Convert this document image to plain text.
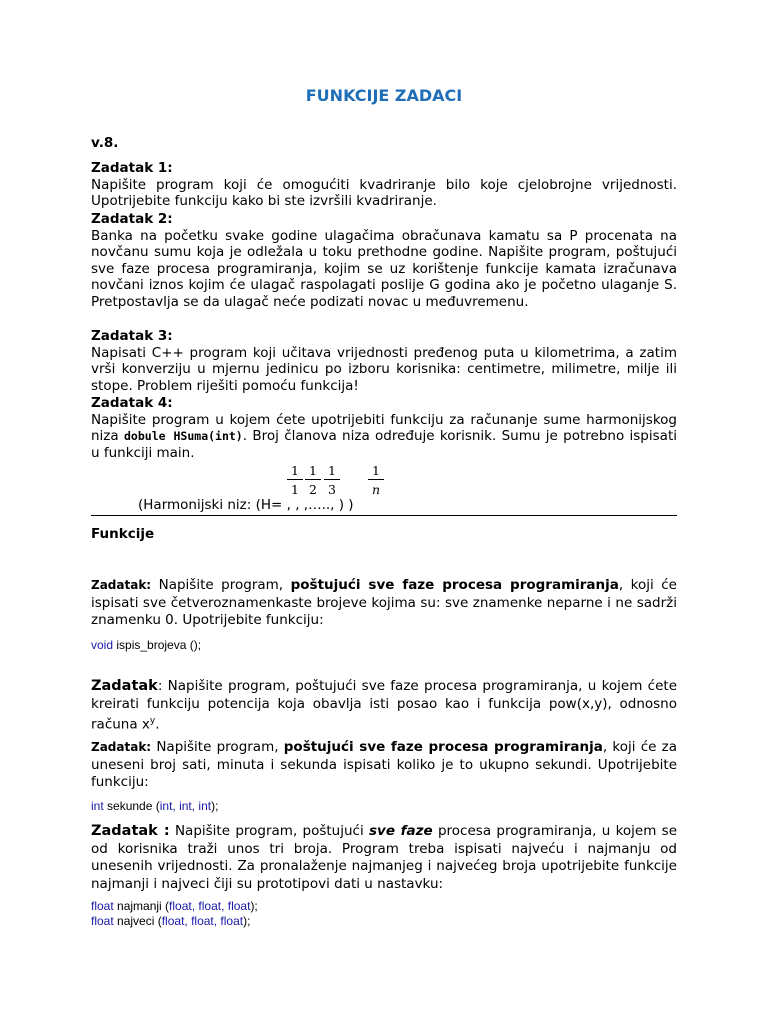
FUNKCIJE ZADACI
v.8.
Zadatak 1:

Napišite program koji će omogućiti kvadriranje bilo koje cjelobrojne vrijednosti. Upotrijebite funkciju kako bi ste izvršili kvadriranje.

Zadatak 2:

Banka na početku svake godine ulagačima obračunava kamatu sa P procenata na novčanu sumu koja je odležala u toku prethodne godine. Napišite program, poštujući sve faze procesa programiranja, kojim se uz korištenje funkcije kamata izračunava novčani iznos kojim će ulagač raspolagati poslije G godina ako je početno ulaganje S. Pretpostavlja se da ulagač neće podizati novac u međuvremenu.

Zadatak 3:

Napisati C++ program koji učitava vrijednosti pređenog puta u kilometrima, a zatim vrši konverziju u mjernu jedinicu po izboru korisnika: centimetre, milimetre, milje ili stope. Problem riješiti pomoću funkcija!

Zadatak 4:

Napišite program u kojem ćete upotrijebiti funkciju za računanje sume harmonijskog niza dobule HSuma(int). Broj članova niza određuje korisnik. Sumu je potrebno ispisati u funkciji main.

$\frac{1}{1} \frac{1}{2} \frac{1}{3} \frac{1}{n}$
(Harmonijski niz: (H= , , ,….., ) )
Funkcije

Zadatak: Napišite program, poštujući sve faze procesa programiranja, koji će ispisati sve četveroznamenkaste brojeve kojima su: sve znamenke neparne i ne sadrži znamenku 0. Upotrijebite funkciju:

void ispis_brojeva ();

Zadatak: Napišite program, poštujući sve faze procesa programiranja, u kojem ćete kreirati funkciju potencija koja obavlja isti posao kao i funkcija pow(x,y), odnosno računa $x^y$.

Zadatak: Napišite program, poštujući sve faze procesa programiranja, koji će za uneseni broj sati, minuta i sekunda ispisati koliko je to ukupno sekundi. Upotrijebite funkciju:

int sekunde (int, int, int);

Zadatak : Napišite program, poštujući sve faze procesa programiranja, u kojem se od korisnika traži unos tri broja. Program treba ispisati najveću i najmanju od unesenih vrijednosti. Za pronalaženje najmanjeg i najvećeg broja upotrijebite funkcije najmanji i najveci čiji su prototipovi dati u nastavku:

float najmanji (float, float, float);
float najveci (float, float, float);
